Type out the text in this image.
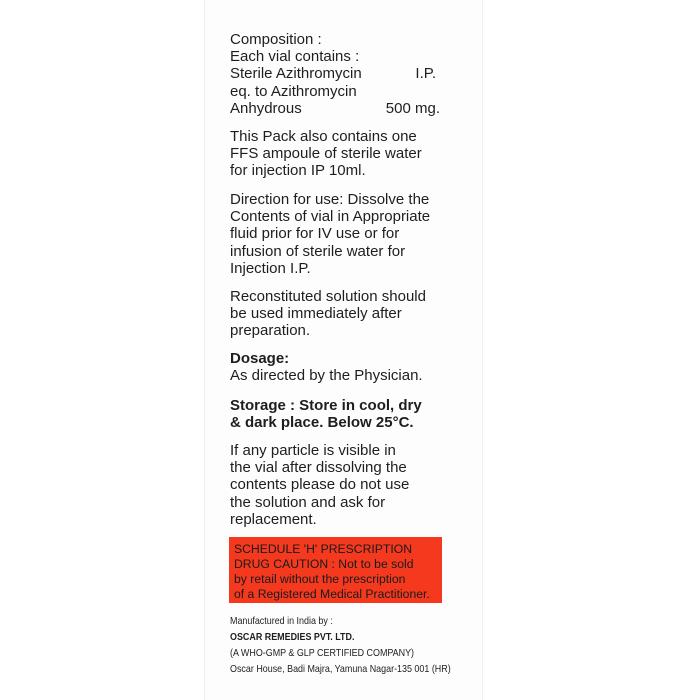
Composition :
Each vial contains :
Sterile Azithromycin	I.P.
eq. to Azithromycin
Anhydrous	500 mg.
This Pack also contains one
FFS ampoule of sterile water
for injection IP 10ml.
Direction for use: Dissolve the
Contents of vial in Appropriate
fluid prior for IV use or for
infusion of sterile water for
Injection I.P.
Reconstituted solution should
be used immediately after
preparation.
Dosage:
As directed by the Physician.
Storage : Store in cool, dry
& dark place. Below 25°C.
If any particle is visible in
the vial after dissolving the
contents please do not use
the solution and ask for
replacement.
SCHEDULE 'H' PRESCRIPTION
DRUG CAUTION : Not to be sold
by retail without the prescription
of a Registered Medical Practitioner.
Manufactured in India by :
OSCAR REMEDIES PVT. LTD.
(A WHO-GMP & GLP CERTIFIED COMPANY)
Oscar House, Badi Majra, Yamuna Nagar-135 001 (HR)
